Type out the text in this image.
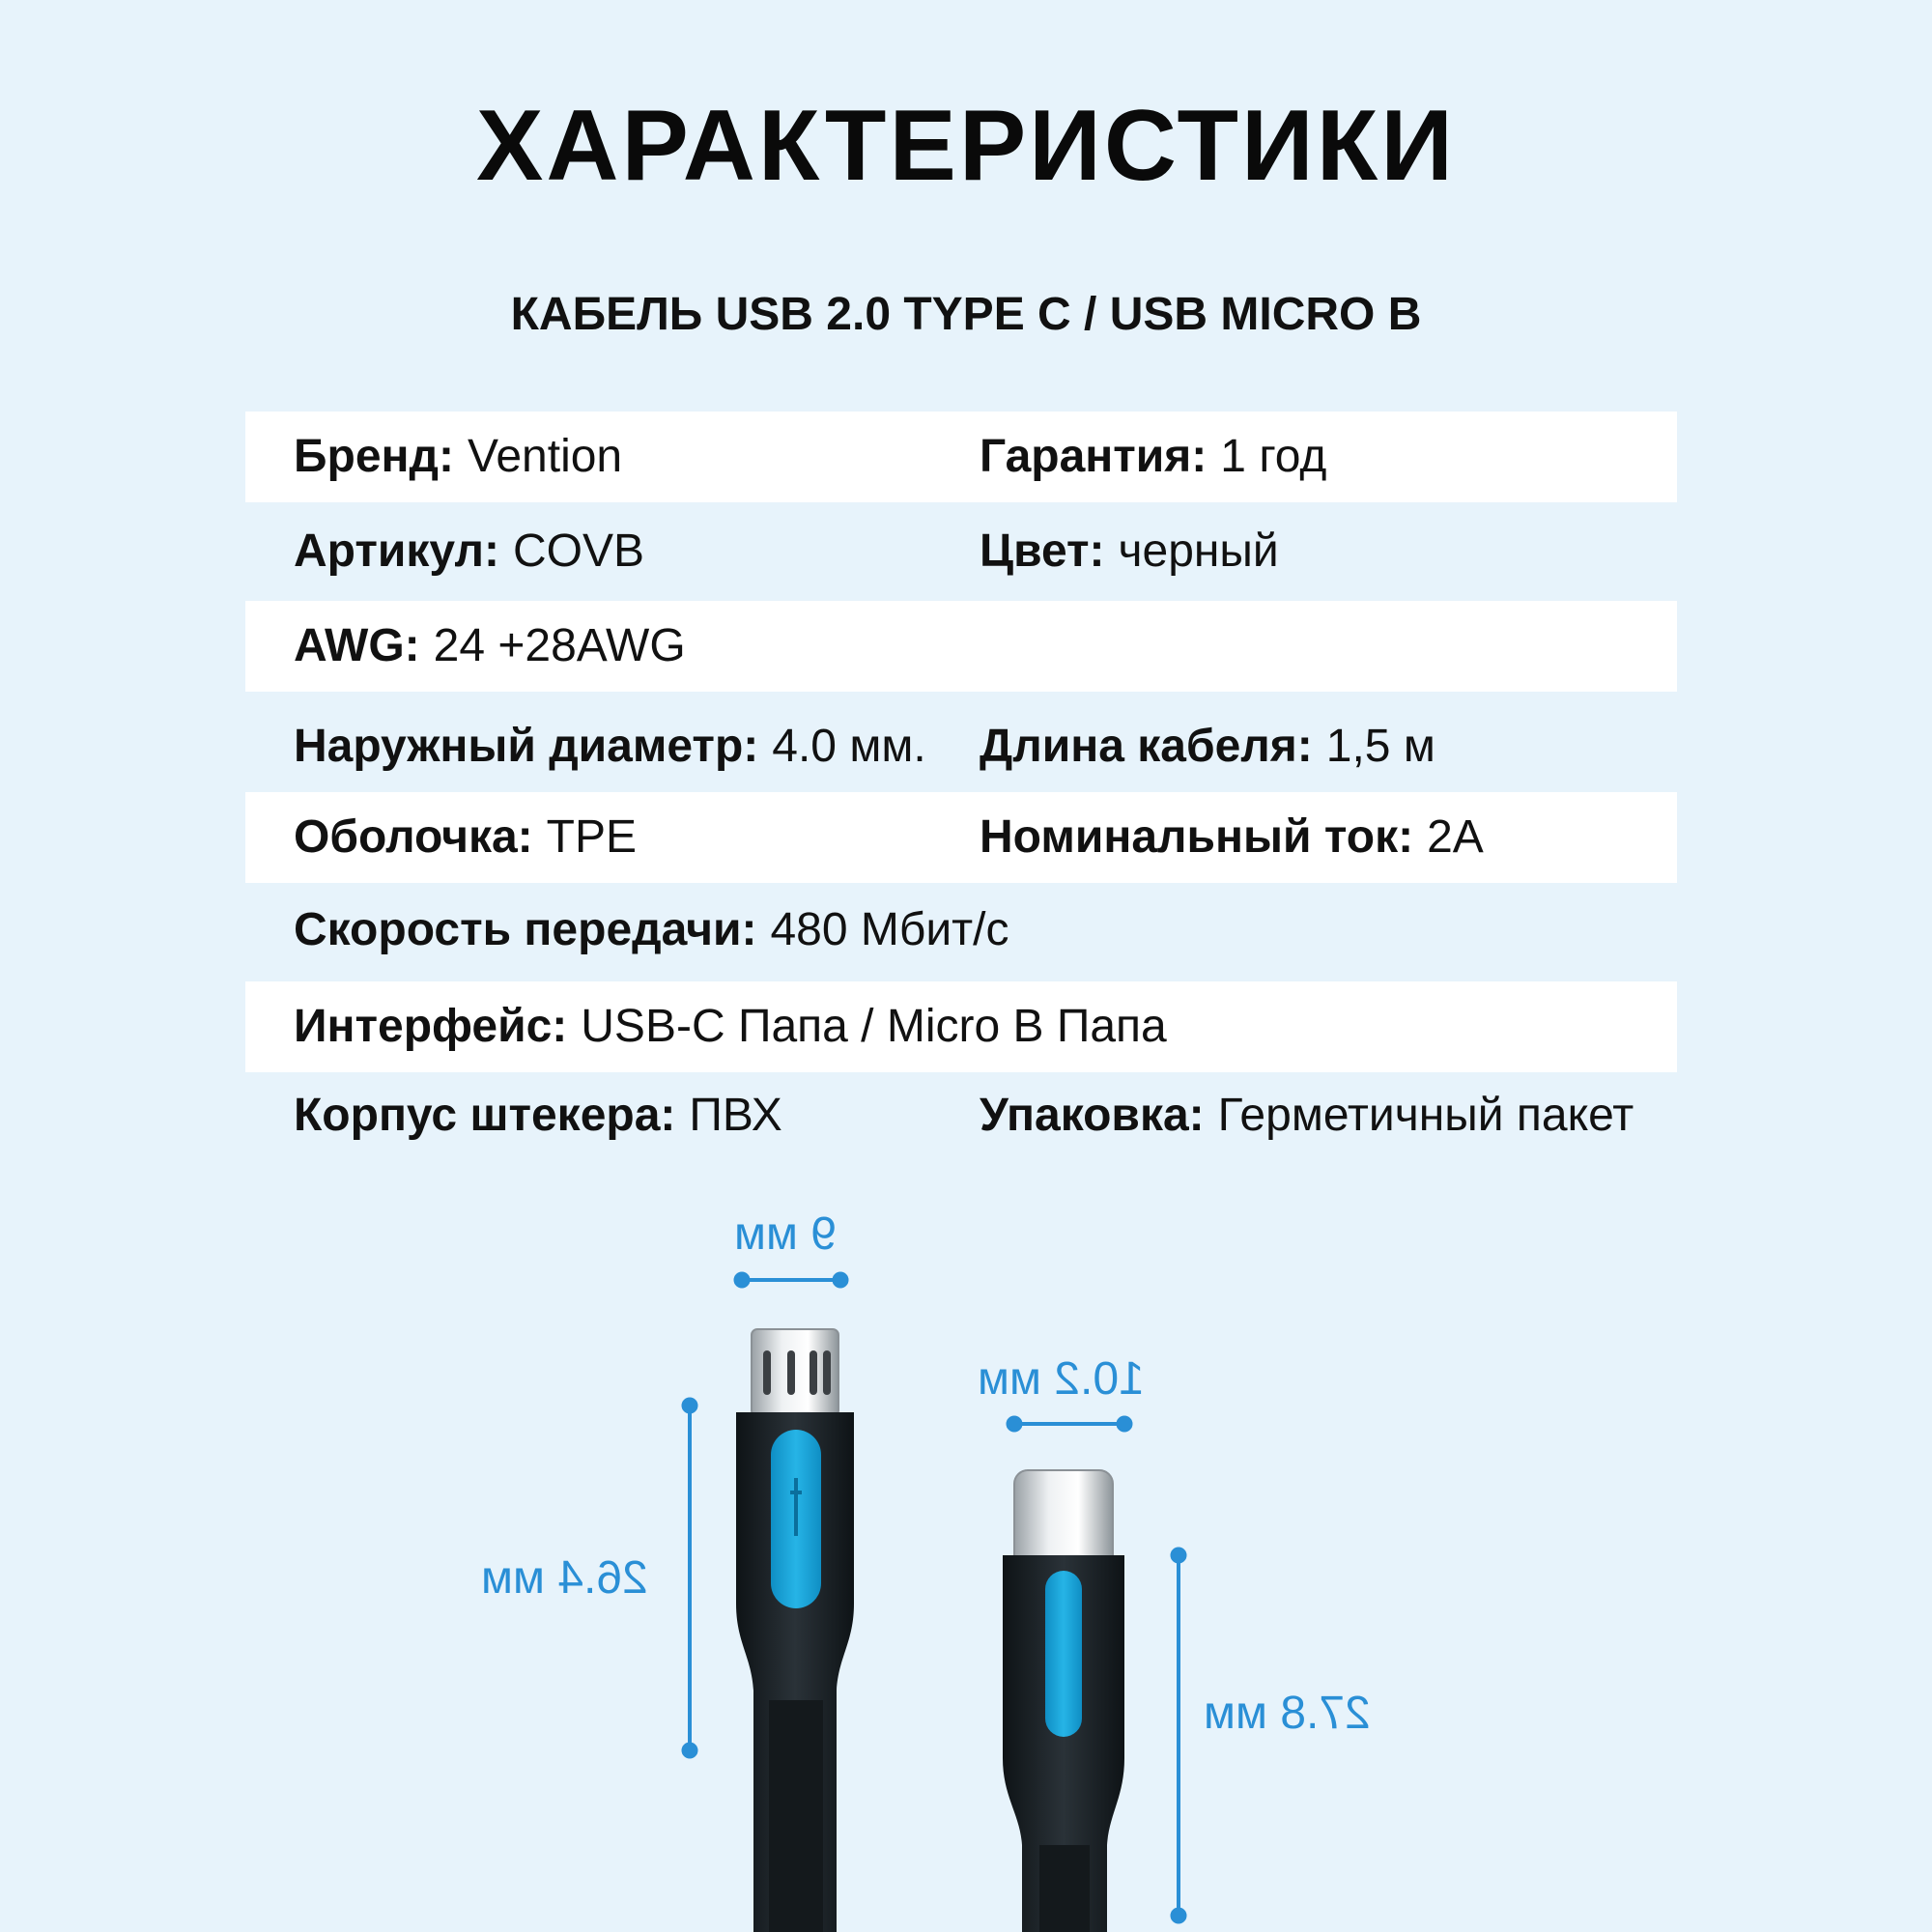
ХАРАКТЕРИСТИКИ
КАБЕЛЬ USB 2.0 TYPE C / USB MICRO B
Бренд: Vention	Гарантия: 1 год
Артикул: COVB	Цвет: черный
AWG: 24 +28AWG
Наружный диаметр: 4.0 мм. Длина кабеля: 1,5 м
Оболочка: TPE	Номинальный ток: 2A
Скорость передачи: 480 Мбит/с
Интерфейс: USB-C Папа / Micro B Папа
Корпус штекера: ПВХ	Упаковка: Герметичный пакет
9 мм
26.4 мм
10.2 мм
27.8 мм
